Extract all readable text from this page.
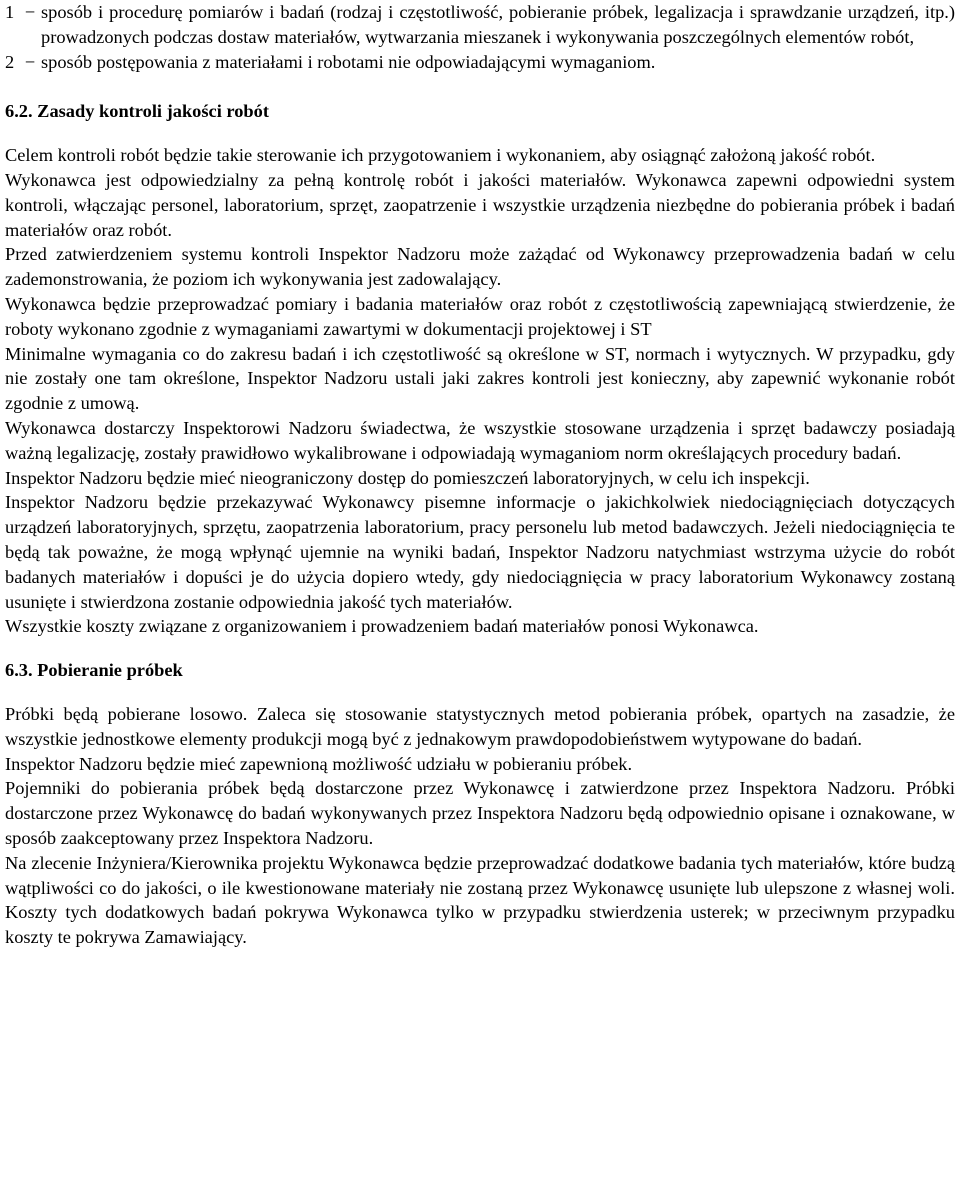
1 − sposób i procedurę pomiarów i badań (rodzaj i częstotliwość, pobieranie próbek, legalizacja i sprawdzanie urządzeń, itp.) prowadzonych podczas dostaw materiałów, wytwarzania mieszanek i wykonywania poszczególnych elementów robót,
2 − sposób postępowania z materiałami i robotami nie odpowiadającymi wymaganiom.

6.2. Zasady kontroli jakości robót

Celem kontroli robót będzie takie sterowanie ich przygotowaniem i wykonaniem, aby osiągnąć założoną jakość robót.

Wykonawca jest odpowiedzialny za pełną kontrolę robót i jakości materiałów. Wykonawca zapewni odpowiedni system kontroli, włączając personel, laboratorium, sprzęt, zaopatrzenie i wszystkie urządzenia niezbędne do pobierania próbek i badań materiałów oraz robót.

Przed zatwierdzeniem systemu kontroli Inspektor Nadzoru może zażądać od Wykonawcy przeprowadzenia badań w celu zademonstrowania, że poziom ich wykonywania jest zadowalający.

Wykonawca będzie przeprowadzać pomiary i badania materiałów oraz robót z częstotliwością zapewniającą stwierdzenie, że roboty wykonano zgodnie z wymaganiami zawartymi w dokumentacji projektowej i ST

Minimalne wymagania co do zakresu badań i ich częstotliwość są określone w ST, normach i wytycznych. W przypadku, gdy nie zostały one tam określone, Inspektor Nadzoru ustali jaki zakres kontroli jest konieczny, aby zapewnić wykonanie robót zgodnie z umową.

Wykonawca dostarczy Inspektorowi Nadzoru świadectwa, że wszystkie stosowane urządzenia i sprzęt badawczy posiadają ważną legalizację, zostały prawidłowo wykalibrowane i odpowiadają wymaganiom norm określających procedury badań.

Inspektor Nadzoru będzie mieć nieograniczony dostęp do pomieszczeń laboratoryjnych, w celu ich inspekcji.

Inspektor Nadzoru będzie przekazywać Wykonawcy pisemne informacje o jakichkolwiek niedociągnięciach dotyczących urządzeń laboratoryjnych, sprzętu, zaopatrzenia laboratorium, pracy personelu lub metod badawczych. Jeżeli niedociągnięcia te będą tak poważne, że mogą wpłynąć ujemnie na wyniki badań, Inspektor Nadzoru natychmiast wstrzyma użycie do robót badanych materiałów i dopuści je do użycia dopiero wtedy, gdy niedociągnięcia w pracy laboratorium Wykonawcy zostaną usunięte i stwierdzona zostanie odpowiednia jakość tych materiałów.

Wszystkie koszty związane z organizowaniem i prowadzeniem badań materiałów ponosi Wykonawca.

6.3. Pobieranie próbek

Próbki będą pobierane losowo. Zaleca się stosowanie statystycznych metod pobierania próbek, opartych na zasadzie, że wszystkie jednostkowe elementy produkcji mogą być z jednakowym prawdopodobieństwem wytypowane do badań.

Inspektor Nadzoru będzie mieć zapewnioną możliwość udziału w pobieraniu próbek.

Pojemniki do pobierania próbek będą dostarczone przez Wykonawcę i zatwierdzone przez Inspektora Nadzoru. Próbki dostarczone przez Wykonawcę do badań wykonywanych przez Inspektora Nadzoru będą odpowiednio opisane i oznakowane, w sposób zaakceptowany przez Inspektora Nadzoru.

Na zlecenie Inżyniera/Kierownika projektu Wykonawca będzie przeprowadzać dodatkowe badania tych materiałów, które budzą wątpliwości co do jakości, o ile kwestionowane materiały nie zostaną przez Wykonawcę usunięte lub ulepszone z własnej woli. Koszty tych dodatkowych badań pokrywa Wykonawca tylko w przypadku stwierdzenia usterek; w przeciwnym przypadku koszty te pokrywa Zamawiający.
